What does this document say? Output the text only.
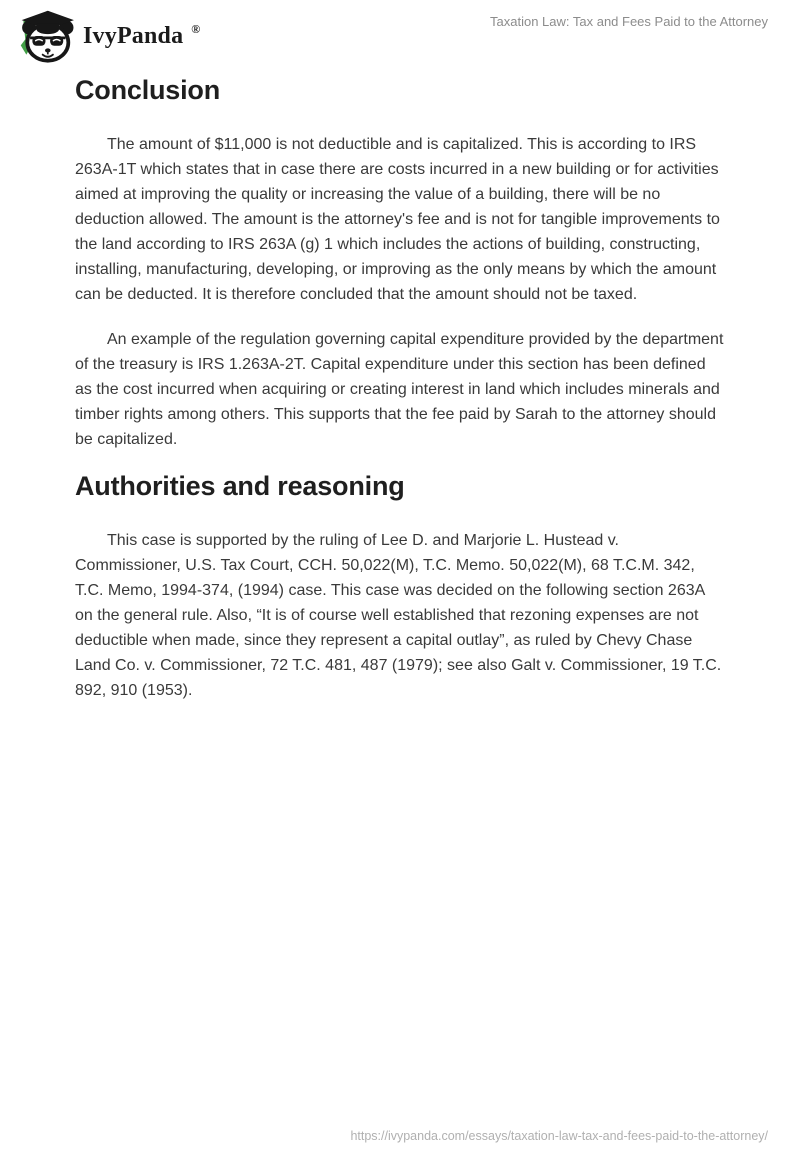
IvyPanda ®	Taxation Law: Tax and Fees Paid to the Attorney
Conclusion

The amount of $11,000 is not deductible and is capitalized. This is according to IRS 263A-1T which states that in case there are costs incurred in a new building or for activities aimed at improving the quality or increasing the value of a building, there will be no deduction allowed. The amount is the attorney's fee and is not for tangible improvements to the land according to IRS 263A (g) 1 which includes the actions of building, constructing, installing, manufacturing, developing, or improving as the only means by which the amount can be deducted. It is therefore concluded that the amount should not be taxed.

An example of the regulation governing capital expenditure provided by the department of the treasury is IRS 1.263A-2T. Capital expenditure under this section has been defined as the cost incurred when acquiring or creating interest in land which includes minerals and timber rights among others. This supports that the fee paid by Sarah to the attorney should be capitalized.

Authorities and reasoning

This case is supported by the ruling of Lee D. and Marjorie L. Hustead v. Commissioner, U.S. Tax Court, CCH. 50,022(M), T.C. Memo. 50,022(M), 68 T.C.M. 342, T.C. Memo, 1994-374, (1994) case. This case was decided on the following section 263A on the general rule. Also, “It is of course well established that rezoning expenses are not deductible when made, since they represent a capital outlay”, as ruled by Chevy Chase Land Co. v. Commissioner, 72 T.C. 481, 487 (1979); see also Galt v. Commissioner, 19 T.C. 892, 910 (1953).

https://ivypanda.com/essays/taxation-law-tax-and-fees-paid-to-the-attorney/
